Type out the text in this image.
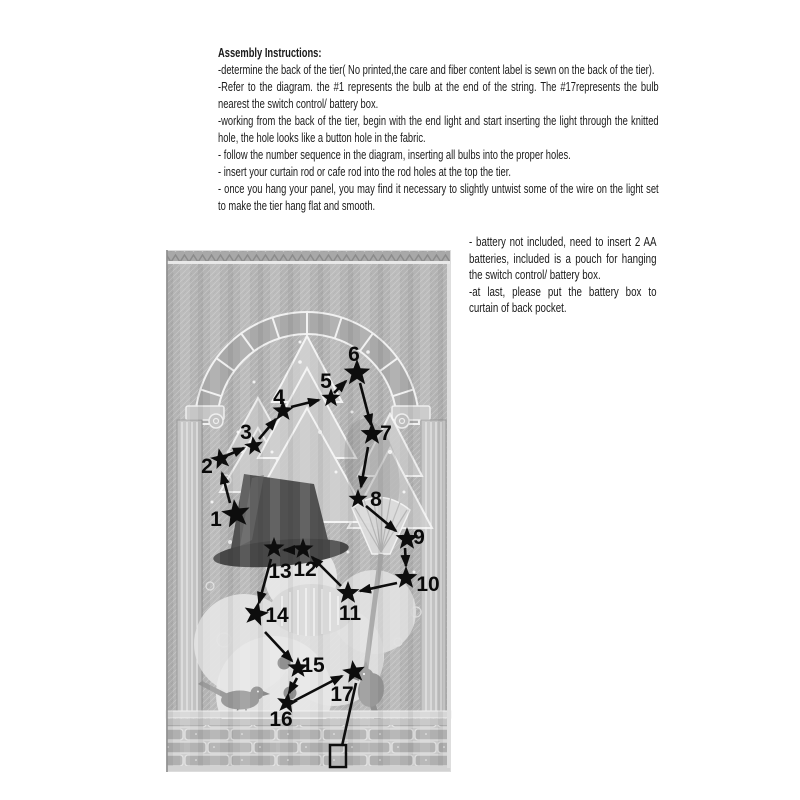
Assembly Instructions:

-determine the back of the tier( No printed,the care and fiber content label is sewn on the back of the tier).

-Refer to the diagram. the #1 represents the bulb at the end of the string. The #17represents the bulb nearest the switch control/ battery box.

-working from the back of the tier, begin with the end light and start inserting the light through the knitted hole, the hole looks like a button hole in the fabric.

- follow the number sequence in the diagram, inserting all bulbs into the proper holes.

- insert your curtain rod or cafe rod into the rod holes at the top the tier.

- once you hang your panel, you may find it necessary to slightly untwist some of the wire on the light set to make the tier hang flat and smooth.

- battery not included, need to insert 2 AA batteries, included is a pouch for hanging the switch control/ battery box.

-at last, please put the battery box to curtain of back pocket.

1
2
3
4
5
6
7
8
9
10
11
12
13
14
15
16
17
